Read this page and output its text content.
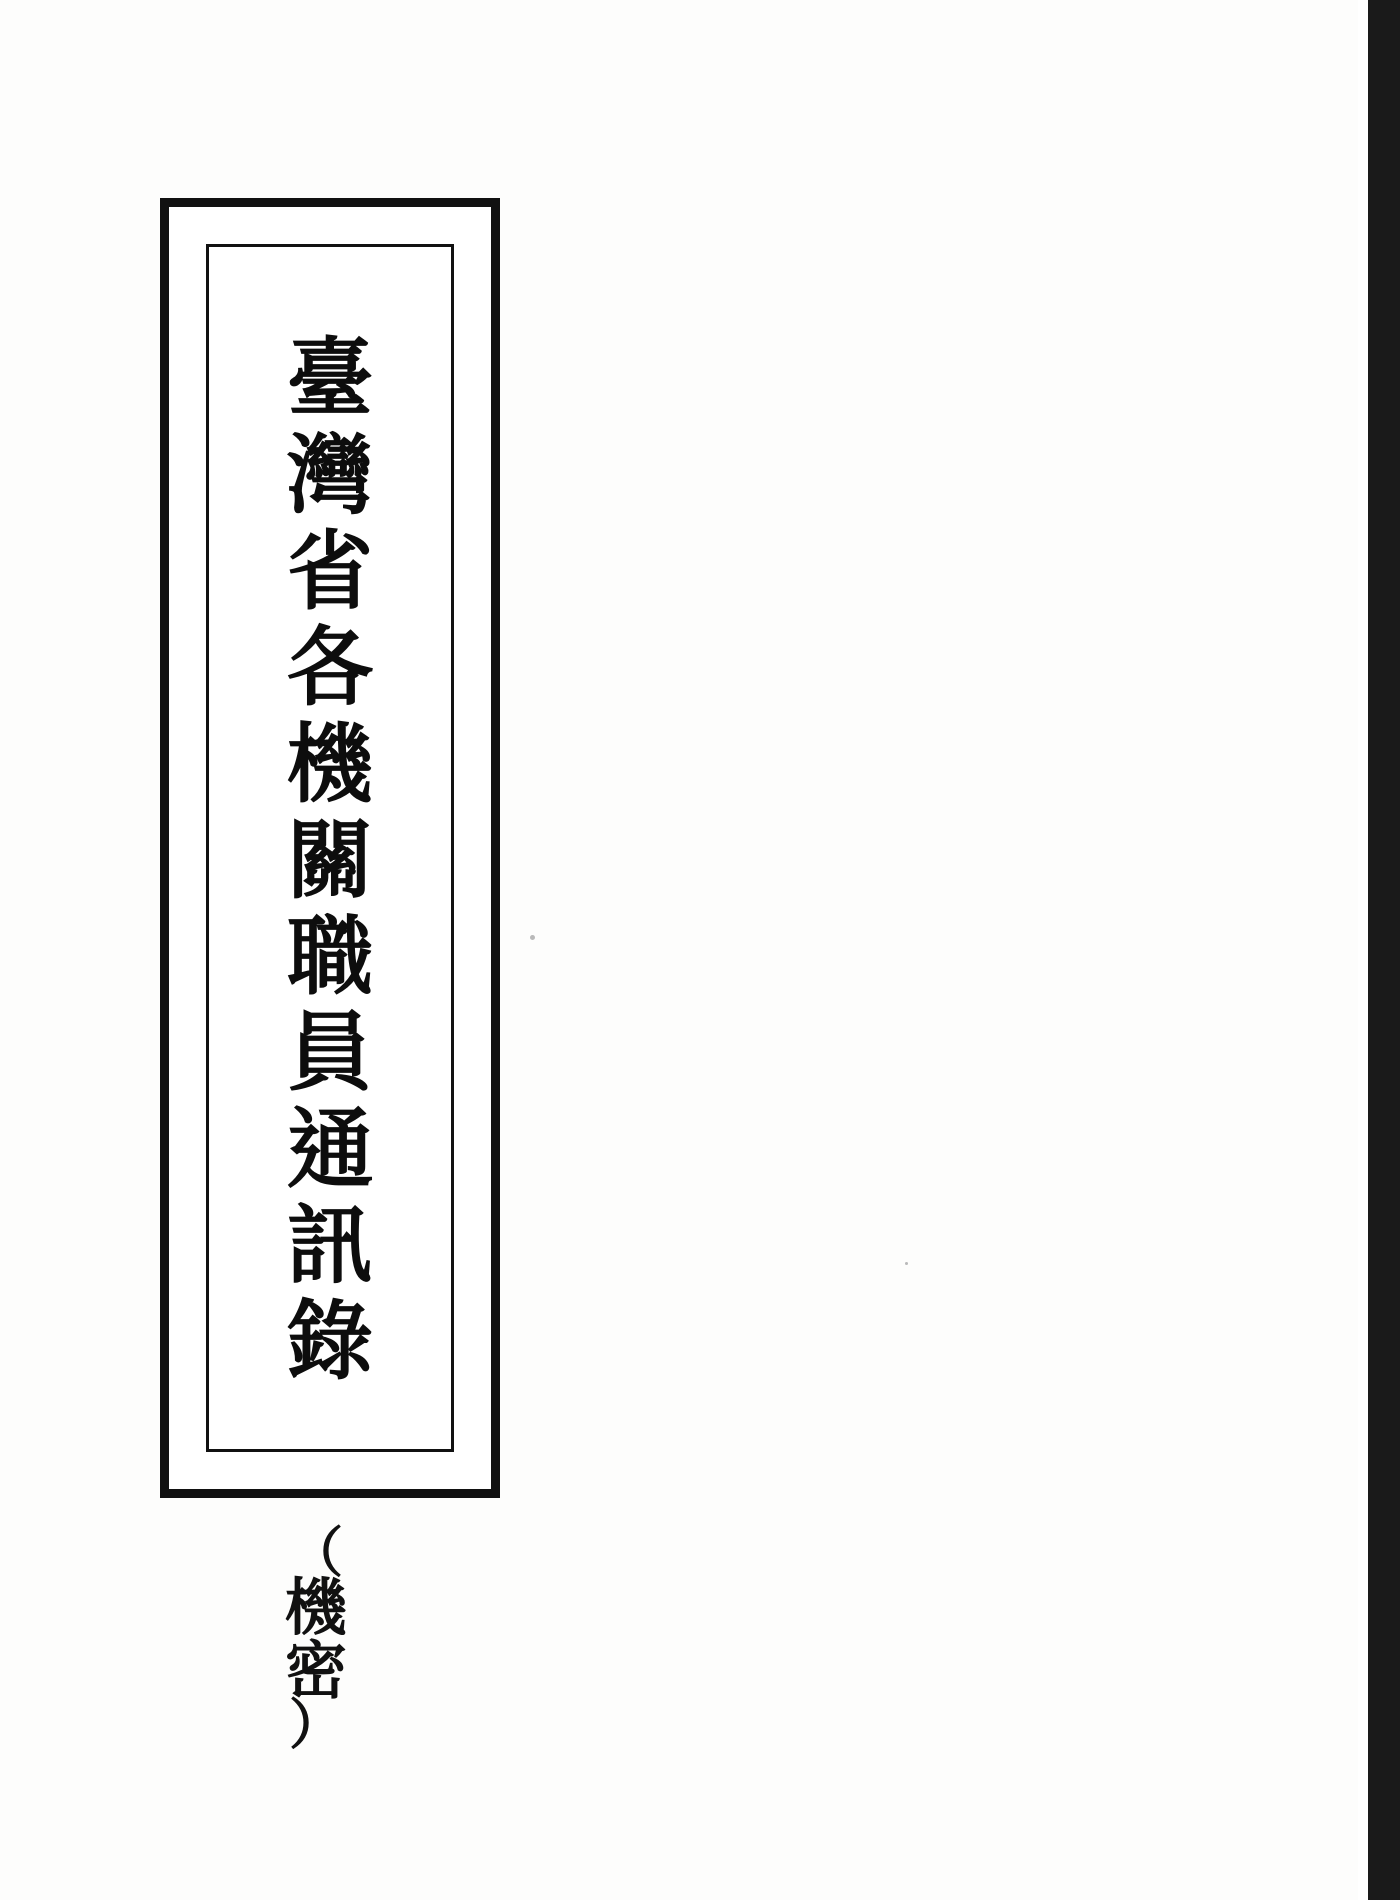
臺
灣
省
各
機
關
職
員
通
訊
錄
（
機
密
）
